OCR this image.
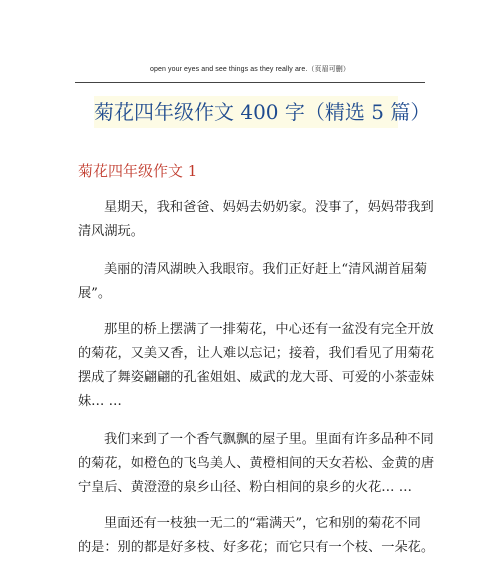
open your eyes and see things as they really are.（页眉可删）
菊花四年级作文 400 字（精选 5 篇）
菊花四年级作文 1
星期天，我和爸爸、妈妈去奶奶家。没事了，妈妈带我到
清风湖玩。
美丽的清风湖映入我眼帘。我们正好赶上“清风湖首届菊
展”。
那里的桥上摆满了一排菊花，中心还有一盆没有完全开放
的菊花，又美又香，让人难以忘记；接着，我们看见了用菊花
摆成了舞姿翩翩的孔雀姐姐、威武的龙大哥、可爱的小茶壶妹
妹… …
我们来到了一个香气飘飘的屋子里。里面有许多品种不同
的菊花，如橙色的飞鸟美人、黄橙相间的天女若松、金黄的唐
宁皇后、黄澄澄的泉乡山径、粉白相间的泉乡的火花… …
里面还有一枝独一无二的“霜满天”，它和别的菊花不同
的是：别的都是好多枝、好多花；而它只有一个枝、一朵花。
